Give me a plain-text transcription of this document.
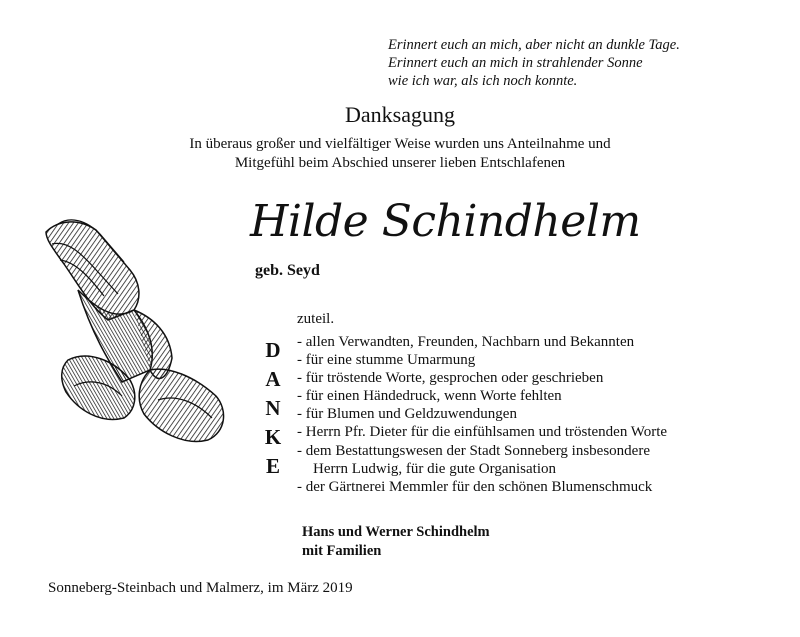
Erinnert euch an mich, aber nicht an dunkle Tage.
Erinnert euch an mich in strahlender Sonne
wie ich war, als ich noch konnte.
Danksagung
In überaus großer und vielfältiger Weise wurden uns Anteilnahme und
Mitgefühl beim Abschied unserer lieben Entschlafenen
Hilde Schindhelm
geb. Seyd
zuteil.
D
A
N
K
E
- allen Verwandten, Freunden, Nachbarn und Bekannten
- für eine stumme Umarmung
- für tröstende Worte, gesprochen oder geschrieben
- für einen Händedruck, wenn Worte fehlten
- für Blumen und Geldzuwendungen
- Herrn Pfr. Dieter für die einfühlsamen und tröstenden Worte
- dem Bestattungswesen der Stadt Sonneberg insbesondere
Herrn Ludwig, für die gute Organisation
- der Gärtnerei Memmler für den schönen Blumenschmuck
Hans und Werner Schindhelm
mit Familien
Sonneberg-Steinbach und Malmerz, im März 2019
